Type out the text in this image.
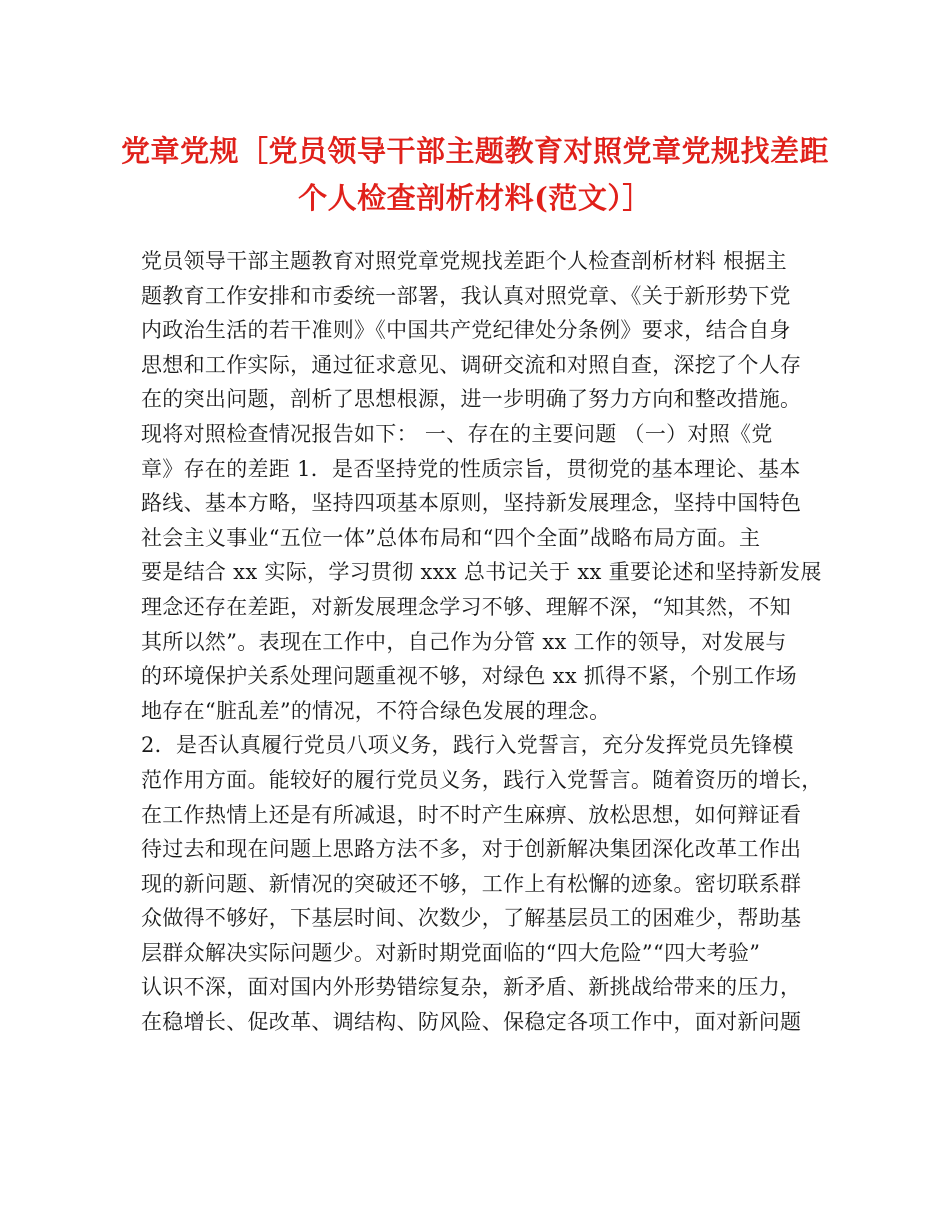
党章党规［党员领导干部主题教育对照党章党规找差距
个人检查剖析材料(范文）］
党员领导干部主题教育对照党章党规找差距个人检查剖析材料 根据主
题教育工作安排和市委统一部署，我认真对照党章、《关于新形势下党
内政治生活的若干准则》《中国共产党纪律处分条例》要求，结合自身
思想和工作实际，通过征求意见、调研交流和对照自查，深挖了个人存
在的突出问题，剖析了思想根源，进一步明确了努力方向和整改措施。
现将对照检查情况报告如下： 一、存在的主要问题 （一）对照《党
章》存在的差距 1．是否坚持党的性质宗旨，贯彻党的基本理论、基本
路线、基本方略，坚持四项基本原则，坚持新发展理念，坚持中国特色
社会主义事业“五位一体”总体布局和“四个全面”战略布局方面。主
要是结合 xx 实际，学习贯彻 xxx 总书记关于 xx 重要论述和坚持新发展
理念还存在差距，对新发展理念学习不够、理解不深，“知其然，不知
其所以然”。表现在工作中，自己作为分管 xx 工作的领导，对发展与
的环境保护关系处理问题重视不够，对绿色 xx 抓得不紧，个别工作场
地存在“脏乱差”的情况，不符合绿色发展的理念。
2．是否认真履行党员八项义务，践行入党誓言，充分发挥党员先锋模
范作用方面。能较好的履行党员义务，践行入党誓言。随着资历的增长，
在工作热情上还是有所减退，时不时产生麻痹、放松思想，如何辩证看
待过去和现在问题上思路方法不多，对于创新解决集团深化改革工作出
现的新问题、新情况的突破还不够，工作上有松懈的迹象。密切联系群
众做得不够好，下基层时间、次数少，了解基层员工的困难少，帮助基
层群众解决实际问题少。对新时期党面临的“四大危险”“四大考验”
认识不深，面对国内外形势错综复杂，新矛盾、新挑战给带来的压力，
在稳增长、促改革、调结构、防风险、保稳定各项工作中，面对新问题
